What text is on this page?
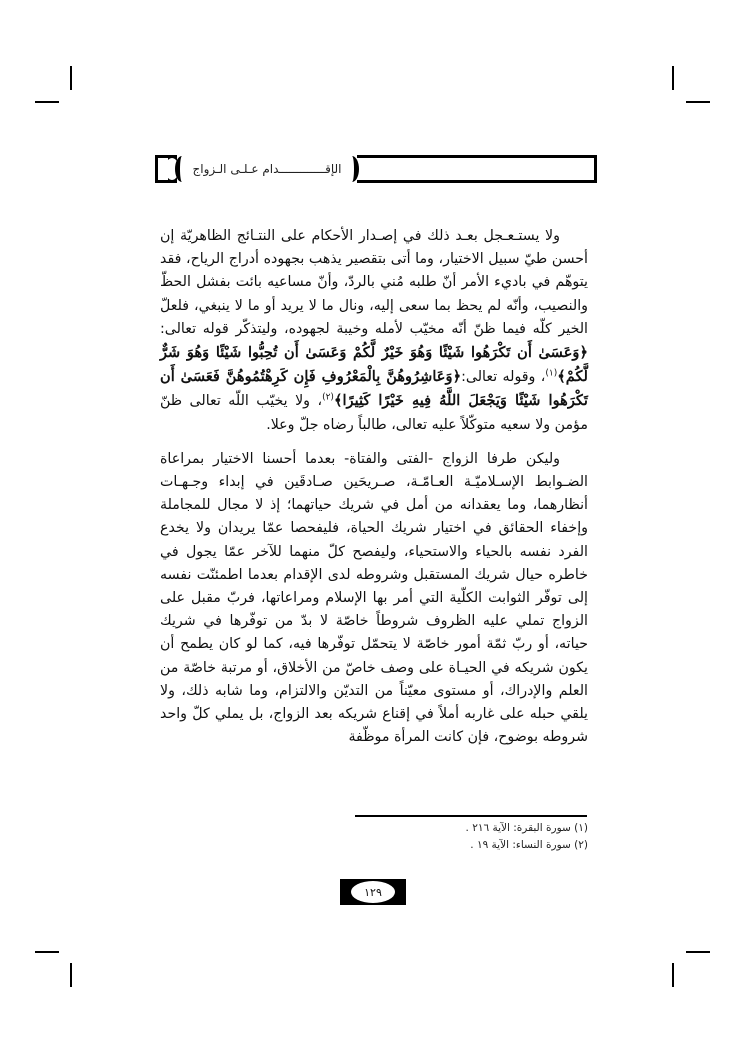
الإقـــــــــــــدام عـلـى الـزواج

ولا يستـعـجل بعـد ذلك في إصـدار الأحكام على النتـائج الظاهريّة إن أحسن طيّ سبيل الاختيار، وما أتى بتقصير يذهب بجهوده أدراج الرياح، فقد يتوهّم في باديء الأمر أنّ طلبه مُني بالردّ، وأنّ مساعيه بائت بفشل الحظّ والنصيب، وأنّه لم يحظ بما سعى إليه، ونال ما لا يريد أو ما لا ينبغي، فلعلّ الخير كلّه فيما ظنّ أنّه مخيّب لأمله وخيبة لجهوده، وليتذكّر قوله تعالى: ﴿وَعَسَىٰ أَن تَكْرَهُوا شَيْئًا وَهُوَ خَيْرٌ لَّكُمْ وَعَسَىٰ أَن تُحِبُّوا شَيْئًا وَهُوَ شَرٌّ لَّكُمْ﴾$^{(١)}$، وقوله تعالى:﴿وَعَاشِرُوهُنَّ بِالْمَعْرُوفِ فَإِن كَرِهْتُمُوهُنَّ فَعَسَىٰ أَن تَكْرَهُوا شَيْئًا وَيَجْعَلَ اللَّهُ فِيهِ خَيْرًا كَثِيرًا﴾$^{(٢)}$، ولا يخيّب اللّه تعالى ظنّ مؤمن ولا سعيه متوكّلاً عليه تعالى، طالباً رضاه جلّ وعلا.

وليكن طرفا الزواج -الفتى والفتاة- بعدما أحسنا الاختيار بمراعاة الضـوابط الإسـلاميّـة العـامّـة، صـريحَين صـادقَين في إبداء وجـهـات أنظارهما، وما يعقدانه من أمل في شريك حياتهما؛ إذ لا مجال للمجاملة وإخفاء الحقائق في اختيار شريك الحياة، فليفحصا عمّا يريدان ولا يخدع الفرد نفسه بالحياء والاستحياء، وليفصح كلّ منهما للآخر عمّا يجول في خاطره حيال شريك المستقبل وشروطه لدى الإقدام بعدما اطمئنّت نفسه إلى توفّر الثوابت الكلّية التي أمر بها الإسلام ومراعاتها، فربّ مقبل على الزواج تملي عليه الظروف شروطاً خاصّة لا بدّ من توفّرها في شريك حياته، أو ربّ ثمّة أمور خاصّة لا يتحمّل توفّرها فيه، كما لو كان يطمح أن يكون شريكه في الحيـاة على وصف خاصّ من الأخلاق، أو مرتبة خاصّة من العلم والإدراك، أو مستوى معيّناً من التديّن والالتزام، وما شابه ذلك، ولا يلقي حبله على غاربه أملاً في إقناع شريكه بعد الزواج، بل يملي كلّ واحد شروطه بوضوح، فإن كانت المرأة موظّفة

(١) سورة البقرة: الآية ٢١٦ .
(٢) سورة النساء: الآية ١٩ .
١٢٩
